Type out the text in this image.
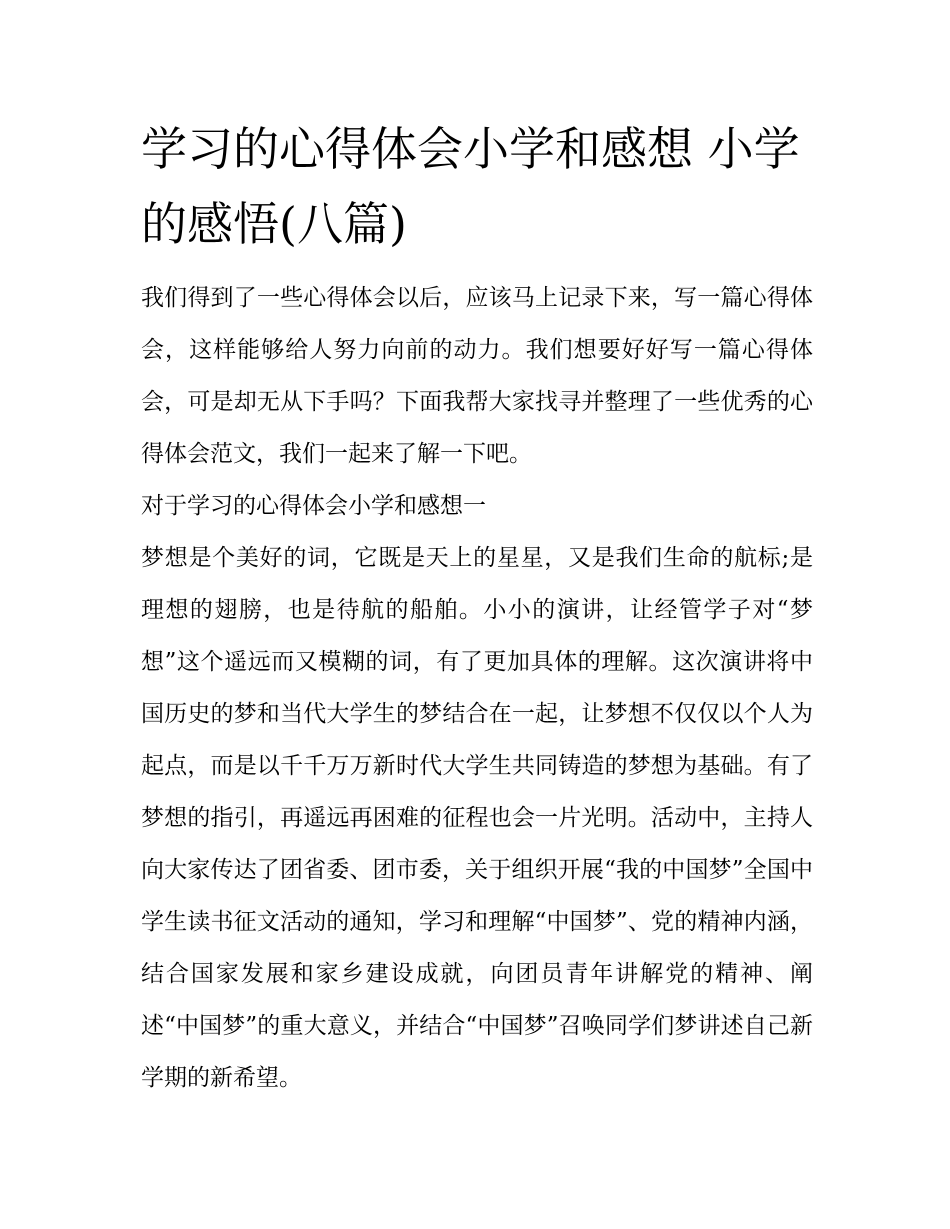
学习的心得体会小学和感想 小学的感悟(八篇)

我们得到了一些心得体会以后，应该马上记录下来，写一篇心得体会，这样能够给人努力向前的动力。我们想要好好写一篇心得体会，可是却无从下手吗？下面我帮大家找寻并整理了一些优秀的心得体会范文，我们一起来了解一下吧。

对于学习的心得体会小学和感想一

梦想是个美好的词，它既是天上的星星，又是我们生命的航标;是理想的翅膀，也是待航的船舶。小小的演讲，让经管学子对“梦想”这个遥远而又模糊的词，有了更加具体的理解。这次演讲将中国历史的梦和当代大学生的梦结合在一起，让梦想不仅仅以个人为起点，而是以千千万万新时代大学生共同铸造的梦想为基础。有了梦想的指引，再遥远再困难的征程也会一片光明。活动中，主持人向大家传达了团省委、团市委，关于组织开展“我的中国梦”全国中学生读书征文活动的通知，学习和理解“中国梦”、党的精神内涵，结合国家发展和家乡建设成就，向团员青年讲解党的精神、阐述“中国梦”的重大意义，并结合“中国梦”召唤同学们梦讲述自己新学期的新希望。
